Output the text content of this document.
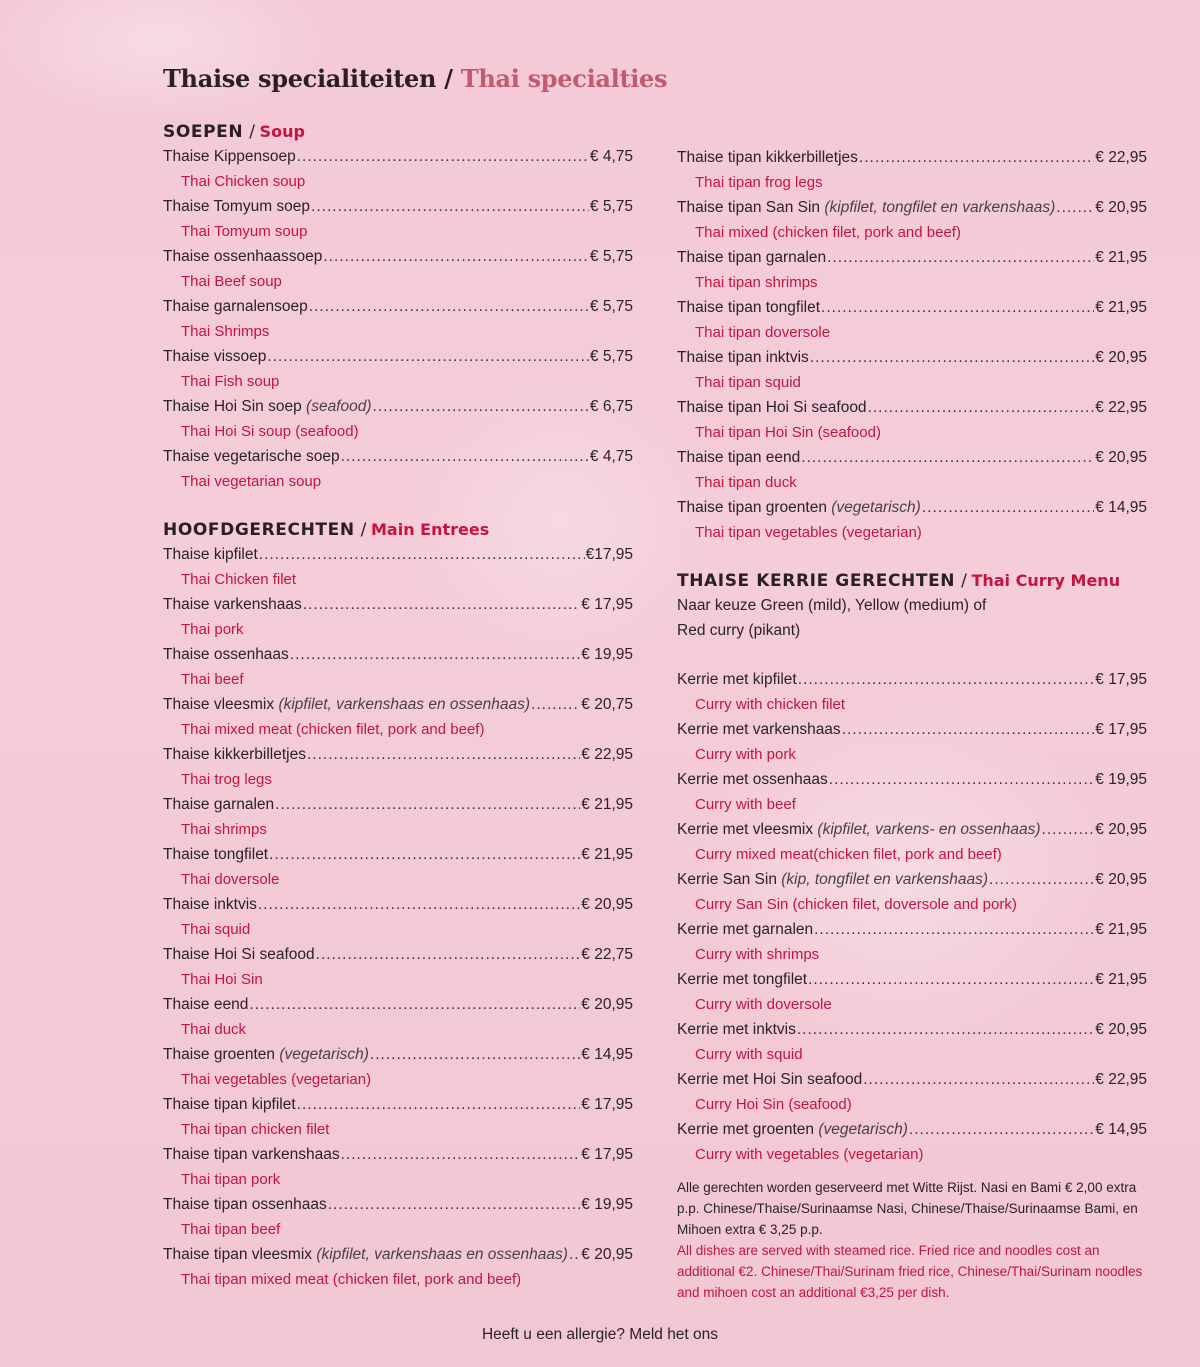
Thaise specialiteiten / Thai specialties
SOEPEN / Soup
Thaise Kippensoep .....	€ 4,75
Thai Chicken soup
Thaise Tomyum soep .....	€ 5,75
Thai Tomyum soup
Thaise ossenhaassoep .....	€ 5,75
Thai Beef soup
Thaise garnalensoep .....	€ 5,75
Thai Shrimps
Thaise vissoep .....	€ 5,75
Thai Fish soup
Thaise Hoi Sin soep (seafood) .....	€ 6,75
Thai Hoi Si soup (seafood)
Thaise vegetarische soep .....	€ 4,75
Thai vegetarian soup
HOOFDGERECHTEN / Main Entrees
Thaise kipfilet .....	€17,95
Thai Chicken filet
Thaise varkenshaas .....	€ 17,95
Thai pork
Thaise ossenhaas .....	€ 19,95
Thai beef
Thaise vleesmix (kipfilet, varkenshaas en ossenhaas) .....	€ 20,75
Thai mixed meat (chicken filet, pork and beef)
Thaise kikkerbilletjes .....	€ 22,95
Thai trog legs
Thaise garnalen .....	€ 21,95
Thai shrimps
Thaise tongfilet .....	€ 21,95
Thai doversole
Thaise inktvis .....	€ 20,95
Thai squid
Thaise Hoi Si seafood .....	€ 22,75
Thai Hoi Sin
Thaise eend .....	€ 20,95
Thai duck
Thaise groenten (vegetarisch) .....	€ 14,95
Thai vegetables (vegetarian)
Thaise tipan kipfilet .....	€ 17,95
Thai tipan chicken filet
Thaise tipan varkenshaas .....	€ 17,95
Thai tipan pork
Thaise tipan ossenhaas .....	€ 19,95
Thai tipan beef
Thaise tipan vleesmix (kipfilet, varkenshaas en ossenhaas) ..... € 20,95
Thai tipan mixed meat (chicken filet, pork and beef)
Thaise tipan kikkerbilletjes .....	€ 22,95
Thai tipan frog legs
Thaise tipan San Sin (kipfilet, tongfilet en varkenshaas) .....	€ 20,95
Thai mixed (chicken filet, pork and beef)
Thaise tipan garnalen .....	€ 21,95
Thai tipan shrimps
Thaise tipan tongfilet .....	€ 21,95
Thai tipan doversole
Thaise tipan inktvis .....	€ 20,95
Thai tipan squid
Thaise tipan Hoi Si seafood .....	€ 22,95
Thai tipan Hoi Sin (seafood)
Thaise tipan eend .....	€ 20,95
Thai tipan duck
Thaise tipan groenten (vegetarisch) .....	€ 14,95
Thai tipan vegetables (vegetarian)
THAISE KERRIE GERECHTEN / Thai Curry Menu
Naar keuze Green (mild), Yellow (medium) of
Red curry (pikant)
Kerrie met kipfilet .....	€ 17,95
Curry with chicken filet
Kerrie met varkenshaas .....	€ 17,95
Curry with pork
Kerrie met ossenhaas .....	€ 19,95
Curry with beef
Kerrie met vleesmix (kipfilet, varkens- en ossenhaas) .....	€ 20,95
Curry mixed meat(chicken filet, pork and beef)
Kerrie San Sin (kip, tongfilet en varkenshaas) .....	€ 20,95
Curry San Sin (chicken filet, doversole and pork)
Kerrie met garnalen .....	€ 21,95
Curry with shrimps
Kerrie met tongfilet .....	€ 21,95
Curry with doversole
Kerrie met inktvis .....	€ 20,95
Curry with squid
Kerrie met Hoi Sin seafood .....	€ 22,95
Curry Hoi Sin (seafood)
Kerrie met groenten (vegetarisch) .....	€ 14,95
Curry with vegetables (vegetarian)
Alle gerechten worden geserveerd met Witte Rijst. Nasi en Bami € 2,00 extra p.p. Chinese/Thaise/Surinaamse Nasi, Chinese/Thaise/Surinaamse Bami, en Mihoen extra € 3,25 p.p.
All dishes are served with steamed rice. Fried rice and noodles cost an additional €2. Chinese/Thai/Surinam fried rice, Chinese/Thai/Surinam noodles and mihoen cost an additional €3,25 per dish.
Heeft u een allergie? Meld het ons
